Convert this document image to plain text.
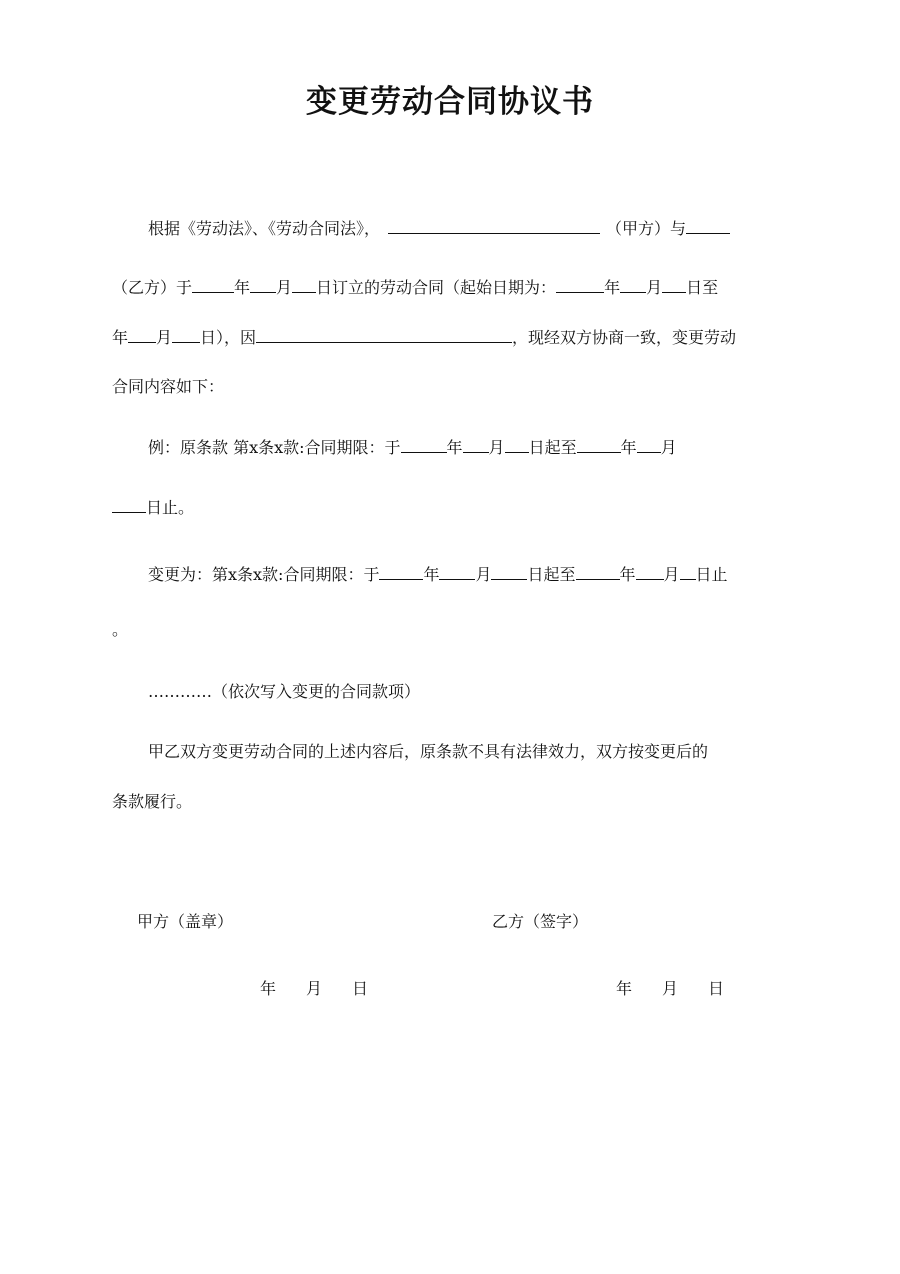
变更劳动合同协议书
根据《劳动法》、《劳动合同法》，	（甲方）与
（乙方）于	年 月 日订立的劳动合同（起始日期为：	年 月 日至
年 月 日），因	，现经双方协商一致，变更劳动
合同内容如下：
例：原条款 第x条x款:合同期限：于	年 月 日起至	年 月
日止。
变更为：第x条x款:合同期限：于	年 月 日起至	年 月 日止
。
…………（依次写入变更的合同款项）
甲乙双方变更劳动合同的上述内容后，原条款不具有法律效力，双方按变更后的
条款履行。
甲方（盖章）	乙方（签字）
年 月 日	年 月 日
